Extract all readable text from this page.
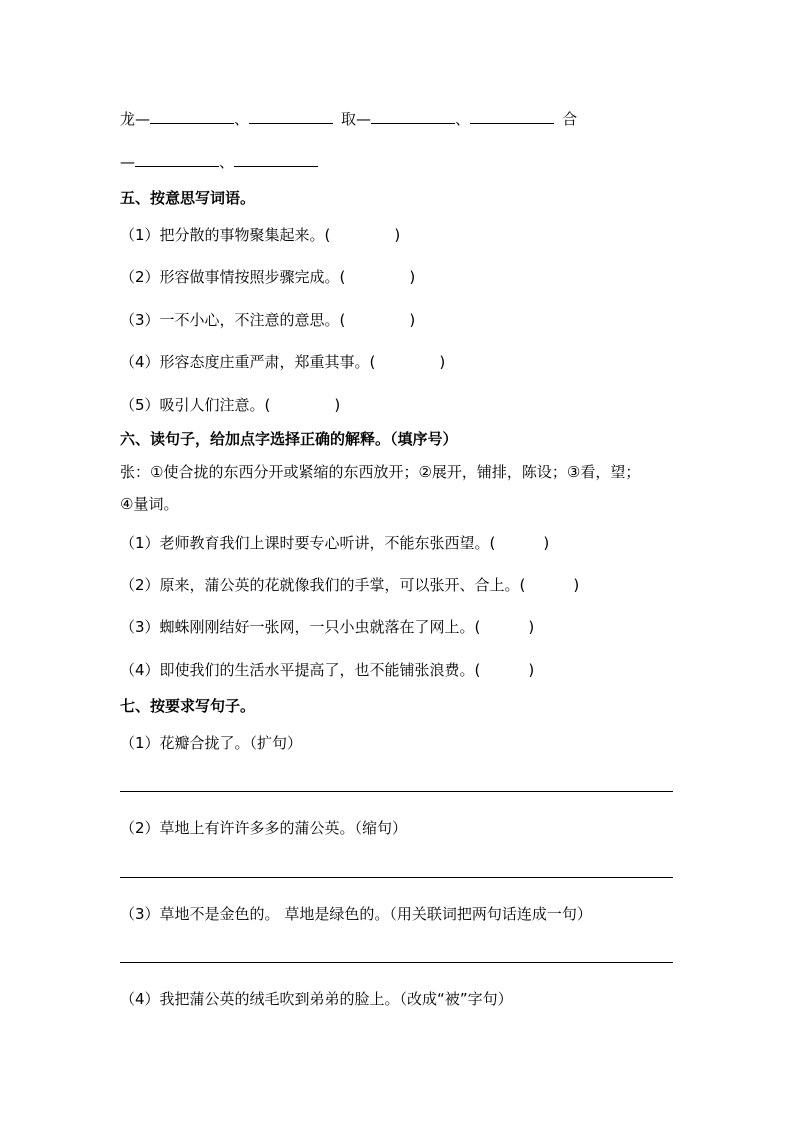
龙—	、	取—	、	合
—	、
五、按意思写词语。
（1）把分散的事物聚集起来。(	)
（2）形容做事情按照步骤完成。(	)
（3）一不小心，不注意的意思。(	)
（4）形容态度庄重严肃，郑重其事。(	)
（5）吸引人们注意。(	)
六、读句子，给加点字选择正确的解释。（填序号）
张：①使合拢的东西分开或紧缩的东西放开；②展开，铺排，陈设；③看，望；
④量词。
（1）老师教育我们上课时要专心听讲，不能东张西望。(	)
（2）原来，蒲公英的花就像我们的手掌，可以张开、合上。(	)
（3）蜘蛛刚刚结好一张网，一只小虫就落在了网上。(	)
（4）即使我们的生活水平提高了，也不能铺张浪费。(	)
七、按要求写句子。
（1）花瓣合拢了。（扩句）
（2）草地上有许许多多的蒲公英。（缩句）
（3）草地不是金色的。 草地是绿色的。（用关联词把两句话连成一句）
（4）我把蒲公英的绒毛吹到弟弟的脸上。（改成“被”字句）
